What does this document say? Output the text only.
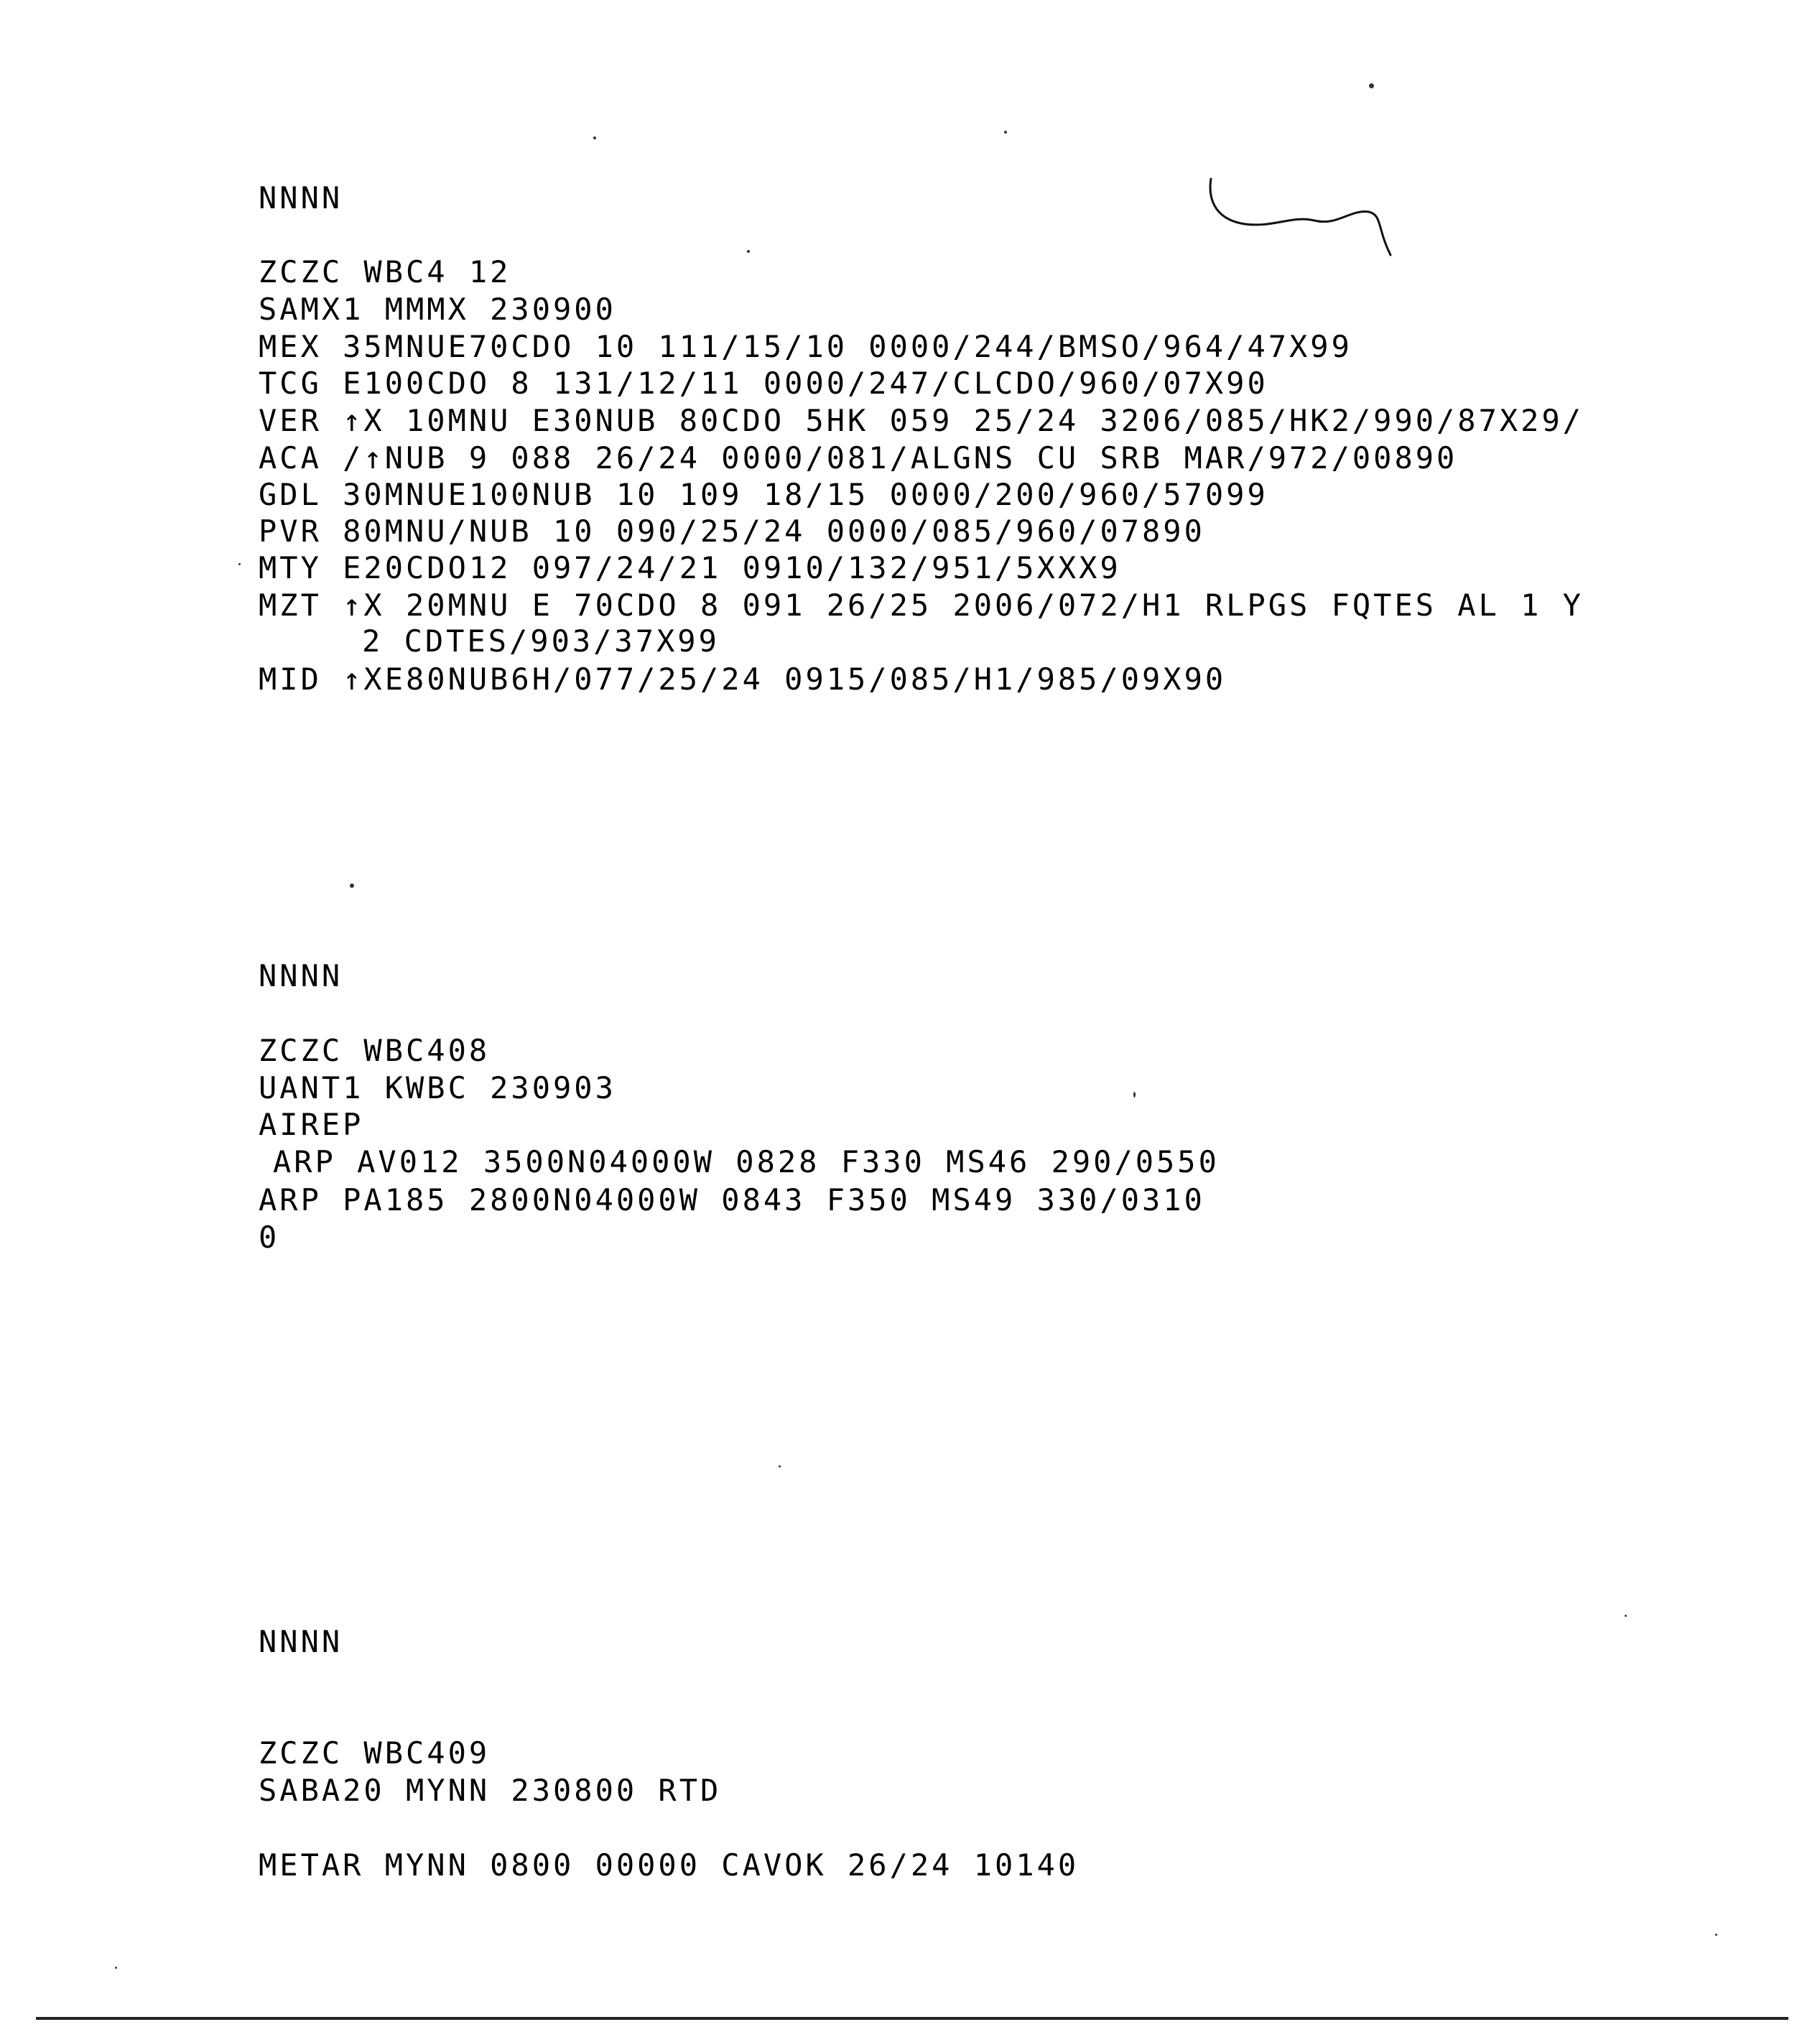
NNNN
ZCZC WBC4 12
SAMX1 MMMX 230900
MEX 35MNUE70CDO 10 111/15/10 0000/244/BMSO/964/47X99
TCG E100CDO 8 131/12/11 0000/247/CLCDO/960/07X90
VER ↑X 10MNU E30NUB 80CDO 5HK 059 25/24 3206/085/HK2/990/87X29/
ACA /↑NUB 9 088 26/24 0000/081/ALGNS CU SRB MAR/972/00890
GDL 30MNUE100NUB 10 109 18/15 0000/200/960/57099
PVR 80MNU/NUB 10 090/25/24 0000/085/960/07890
MTY E20CDO12 097/24/21 0910/132/951/5XXX9
MZT ↑X 20MNU E 70CDO 8 091 26/25 2006/072/H1 RLPGS FQTES AL 1 Y
2 CDTES/903/37X99
MID ↑XE80NUB6H/077/25/24 0915/085/H1/985/09X90
NNNN
ZCZC WBC408
UANT1 KWBC 230903
AIREP
ARP AV012 3500N04000W 0828 F330 MS46 290/0550
ARP PA185 2800N04000W 0843 F350 MS49 330/0310
0
NNNN
ZCZC WBC409
SABA20 MYNN 230800 RTD
METAR MYNN 0800 00000 CAVOK 26/24 10140
